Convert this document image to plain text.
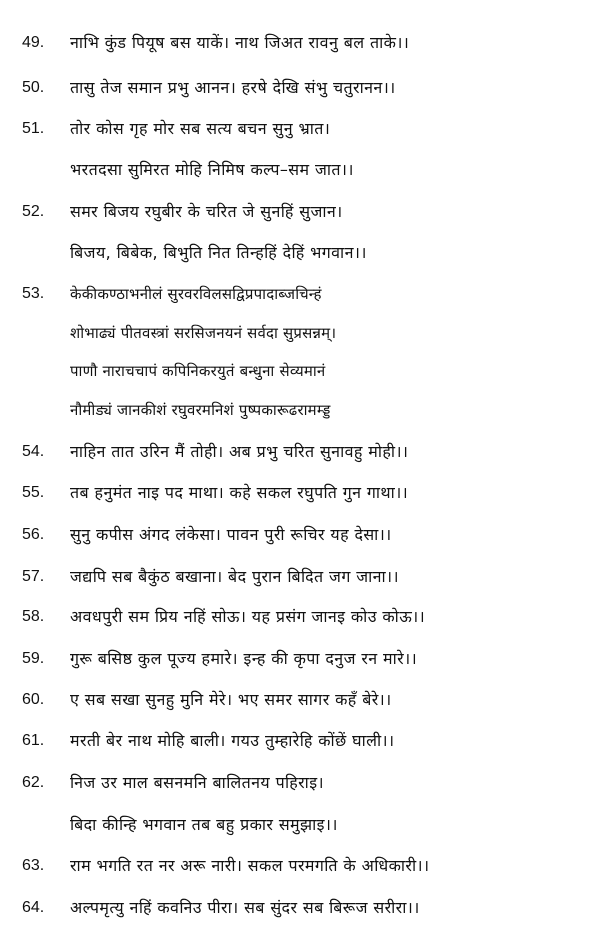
49.	नाभि कुंड पियूष बस याकें। नाथ जिअत रावनु बल ताके।।
50.	तासु तेज समान प्रभु आनन। हरषे देखि संभु चतुरानन।।
51.	तोर कोस गृह मोर सब सत्य बचन सुनु भ्रात।
भरतदसा सुमिरत मोहि निमिष कल्प–सम जात।।
52.	समर बिजय रघुबीर के चरित जे सुनहिं सुजान।
बिजय, बिबेक, बिभुति नित तिन्हहिं देहिं भगवान।।
53.	केकीकण्ठाभनीलं सुरवरविलसद्विप्रपादाब्जचिन्हं
शोभाढ्यं पीतवस्त्रां सरसिजनयनं सर्वदा सुप्रसन्नम्।
पाणौ नाराचचापं कपिनिकरयुतं बन्धुना सेव्यमानं
नौमीड्यं जानकीशं रघुवरमनिशं पुष्पकारूढरामम्ड्ड
54.	नाहिन तात उरिन मैं तोही। अब प्रभु चरित सुनावहु मोही।।
55.	तब हनुमंत नाइ पद माथा। कहे सकल रघुपति गुन गाथा।।
56.	सुनु कपीस अंगद लंकेसा। पावन पुरी रूचिर यह देसा।।
57.	जद्यपि सब बैकुंठ बखाना। बेद पुरान बिदित जग जाना।।
58.	अवधपुरी सम प्रिय नहिं सोऊ। यह प्रसंग जानइ कोउ कोऊ।।
59.	गुरू बसिष्ठ कुल पूज्य हमारे। इन्ह की कृपा दनुज रन मारे।।
60.	ए सब सखा सुनहु मुनि मेरे। भए समर सागर कहँ बेरे।।
61.	मरती बेर नाथ मोहि बाली। गयउ तुम्हारेहि कोंछें घाली।।
62.	निज उर माल बसनमनि बालितनय पहिराइ।
बिदा कीन्हि भगवान तब बहु प्रकार समुझाइ।।
63.	राम भगति रत नर अरू नारी। सकल परमगति के अधिकारी।।
64.	अल्पमृत्यु नहिं कवनिउ पीरा। सब सुंदर सब बिरूज सरीरा।।
